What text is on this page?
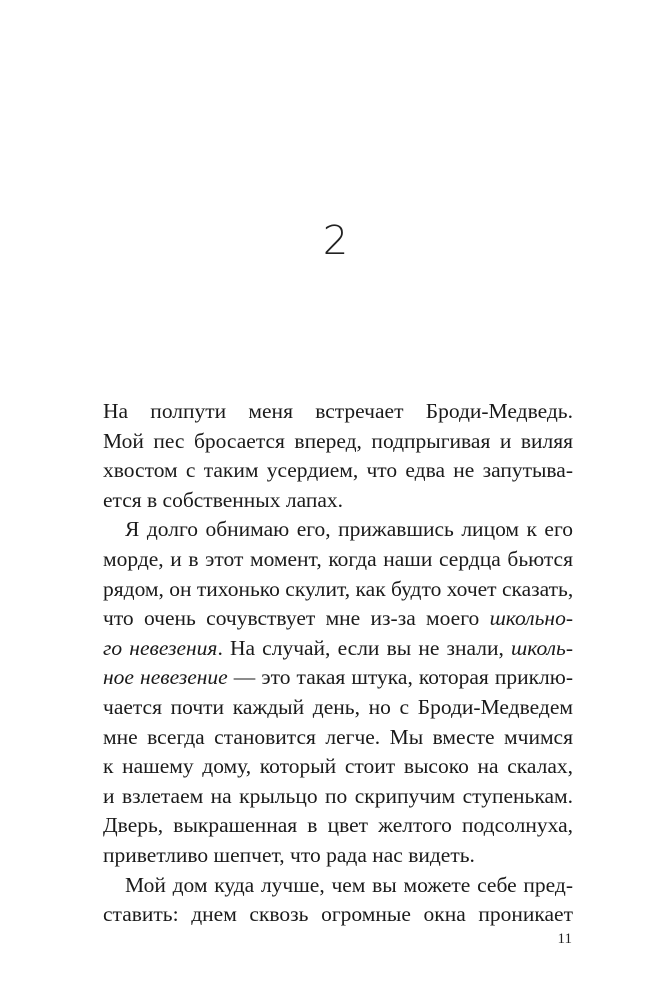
2
На полпути меня встречает Броди-Медведь.
Мой пес бросается вперед, подпрыгивая и виляя
хвостом с таким усердием, что едва не запутыва-
ется в собственных лапах.
Я долго обнимаю его, прижавшись лицом к его
морде, и в этот момент, когда наши сердца бьются
рядом, он тихонько скулит, как будто хочет сказать,
что очень сочувствует мне из-за моего школьно-
го невезения. На случай, если вы не знали, школь-
ное невезение — это такая штука, которая приклю-
чается почти каждый день, но с Броди-Медведем
мне всегда становится легче. Мы вместе мчимся
к нашему дому, который стоит высоко на скалах,
и взлетаем на крыльцо по скрипучим ступенькам.
Дверь, выкрашенная в цвет желтого подсолнуха,
приветливо шепчет, что рада нас видеть.
Мой дом куда лучше, чем вы можете себе пред-
ставить: днем сквозь огромные окна проникает
11
